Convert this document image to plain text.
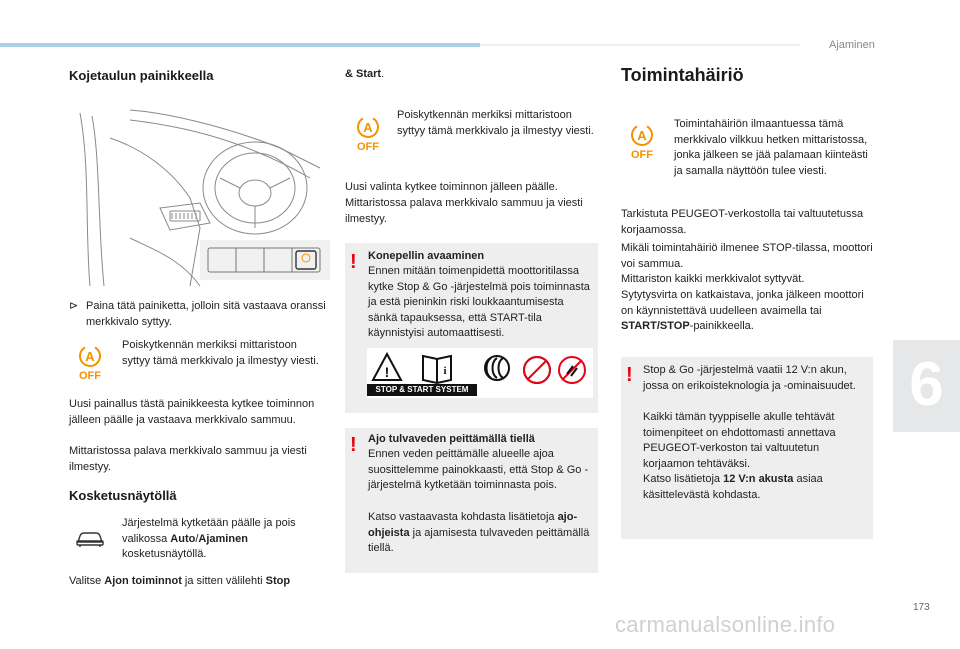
Ajaminen
Kojetaulun painikkeella
⊳ Paina tätä painiketta, jolloin sitä vastaava oranssi merkkivalo syttyy.
A
OFF
Poiskytkennän merkiksi mittaristoon syttyy tämä merkkivalo ja ilmestyy viesti.
Uusi painallus tästä painikkeesta kytkee toiminnon jälleen päälle ja vastaava merkkivalo sammuu.
Mittaristossa palava merkkivalo sammuu ja viesti ilmestyy.
Kosketusnäytöllä
Järjestelmä kytketään päälle ja pois valikossa Auto/Ajaminen kosketusnäytöllä.
Valitse Ajon toiminnot ja sitten välilehti Stop
& Start.
A
OFF
Poiskytkennän merkiksi mittaristoon syttyy tämä merkkivalo ja ilmestyy viesti.
Uusi valinta kytkee toiminnon jälleen päälle.
Mittaristossa palava merkkivalo sammuu ja viesti ilmestyy.
! Konepellin avaaminen
Ennen mitään toimenpidettä moottoritilassa kytke Stop & Go -järjestelmä pois toiminnasta ja estä pieninkin riski loukkaantumisesta sänkä tapauksessa, että START-tila käynnistyisi automaattisesti.
!	i
STOP & START SYSTEM
! Ajo tulvaveden peittämällä tiellä
Ennen veden peittämälle alueelle ajoa suosittelemme painokkaasti, että Stop & Go -järjestelmä kytketään toiminnasta pois.
Katso vastaavasta kohdasta lisätietoja ajo-ohjeista ja ajamisesta tulvaveden peittämällä tiellä.
Toimintahäiriö
A
OFF
Toimintahäiriön ilmaantuessa tämä merkkivalo vilkkuu hetken mittaristossa, jonka jälkeen se jää palamaan kiinteästi ja samalla näyttöön tulee viesti.
Tarkistuta PEUGEOT-verkostolla tai valtuutetussa korjaamossa.
Mikäli toimintahäiriö ilmenee STOP-tilassa, moottori voi sammua.
Mittariston kaikki merkkivalot syttyvät.
Sytytysvirta on katkaistava, jonka jälkeen moottori on käynnistettävä uudelleen avaimella tai START/STOP-painikkeella.
! Stop & Go -järjestelmä vaatii 12 V:n akun, jossa on erikoisteknologia ja -ominaisuudet.
Kaikki tämän tyyppiselle akulle tehtävät toimenpiteet on ehdottomasti annettava PEUGEOT-verkoston tai valtuutetun korjaamon tehtäväksi.
Katso lisätietoja 12 V:n akusta asiaa käsittelevästä kohdasta.
6
173
carmanualsonline.info
